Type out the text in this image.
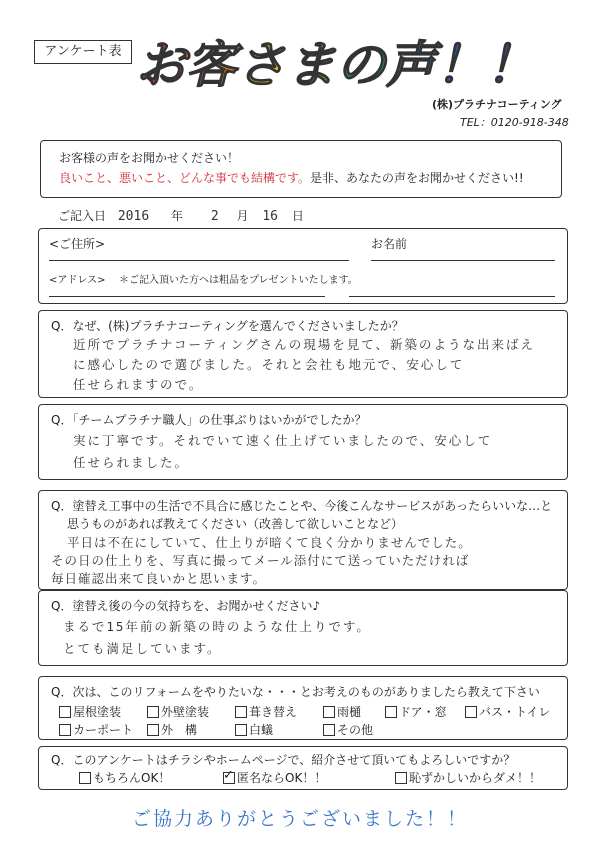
アンケート表 お客さまの声！！
(株)プラチナコーティング
TEL：0120-918-348
お客様の声をお聞かせください！
良いこと、悪いこと、どんな事でも結構です。是非、あなたの声をお聞かせください!!
ご記入日 2016 年 2 月 16 日
<ご住所>	お名前
<アドレス> ＊ご記入頂いた方へは粗品をプレゼントいたします。
Q．なぜ、(株)プラチナコーティングを選んでくださいましたか？
近所でプラチナコーティングさんの現場を見て、新築のような出来ばえ
に感心したので選びました。それと会社も地元で、安心して
任せられますので。
Q．「チームプラチナ職人」の仕事ぶりはいかがでしたか？
実に丁寧です。それでいて速く仕上げていましたので、安心して
任せられました。
Q．塗替え工事中の生活で不具合に感じたことや、今後こんなサービスがあったらいいな…と
思うものがあれば教えてください（改善して欲しいことなど）
平日は不在にしていて、仕上りが暗くて良く分かりませんでした。
その日の仕上りを、写真に撮ってメール添付にて送っていただければ
毎日確認出来て良いかと思います。
Q．塗替え後の今の気持ちを、お聞かせください♪
まるで15年前の新築の時のような仕上りです。
とても満足しています。
Q．次は、このリフォームをやりたいな・・・とお考えのものがありましたら教えて下さい
屋根塗装	外壁塗装	葺き替え	雨樋	ドア・窓	バス・トイレ
カーポート 外　構	白蟻	その他
Q．このアンケートはチラシやホームページで、紹介させて頂いてもよろしいですか？
もちろんOK！
✓	匿名ならOK！！	恥ずかしいからダメ！！
ご協力ありがとうございました！！
